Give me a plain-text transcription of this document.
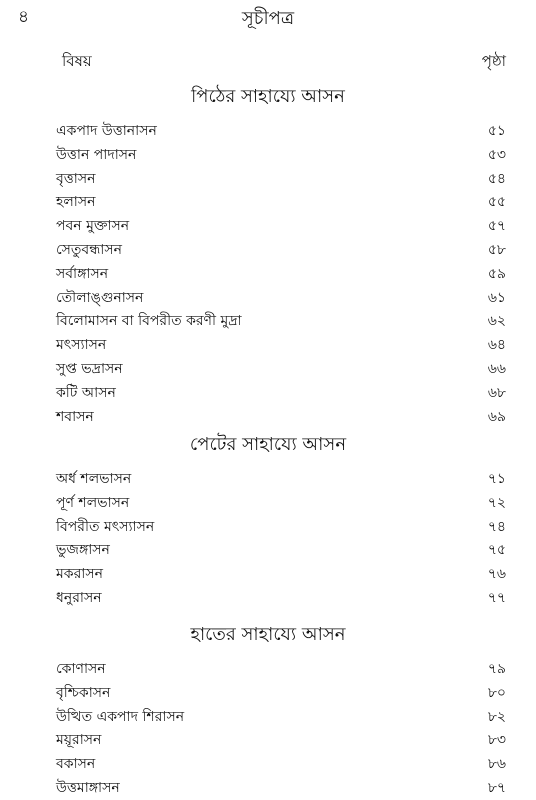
৪	সূচীপত্র
বিষয়	পৃষ্ঠা
পিঠের সাহায্যে আসন
একপাদ উত্তানাসন	৫১
উত্তান পাদাসন	৫৩
বৃত্তাসন	৫৪
হলাসন	৫৫
পবন মুক্তাসন	৫৭
সেতুবন্ধাসন	৫৮
সর্বাঙ্গাসন	৫৯
তৌলাঙ্গুনাসন	৬১
বিলোমাসন বা বিপরীত করণী মুদ্রা	৬২
মৎস্যাসন	৬৪
সুপ্ত ভদ্রাসন	৬৬
কটি আসন	৬৮
শবাসন	৬৯
পেটের সাহায্যে আসন
অর্ধ শলভাসন	৭১
পূর্ণ শলভাসন	৭২
বিপরীত মৎস্যাসন	৭৪
ভুজঙ্গাসন	৭৫
মকরাসন	৭৬
ধনুরাসন	৭৭
হাতের সাহায্যে আসন
কোণাসন	৭৯
বৃশ্চিকাসন	৮০
উত্থিত একপাদ শিরাসন	৮২
ময়ূরাসন	৮৩
বকাসন	৮৬
উত্তমাঙ্গাসন	৮৭
